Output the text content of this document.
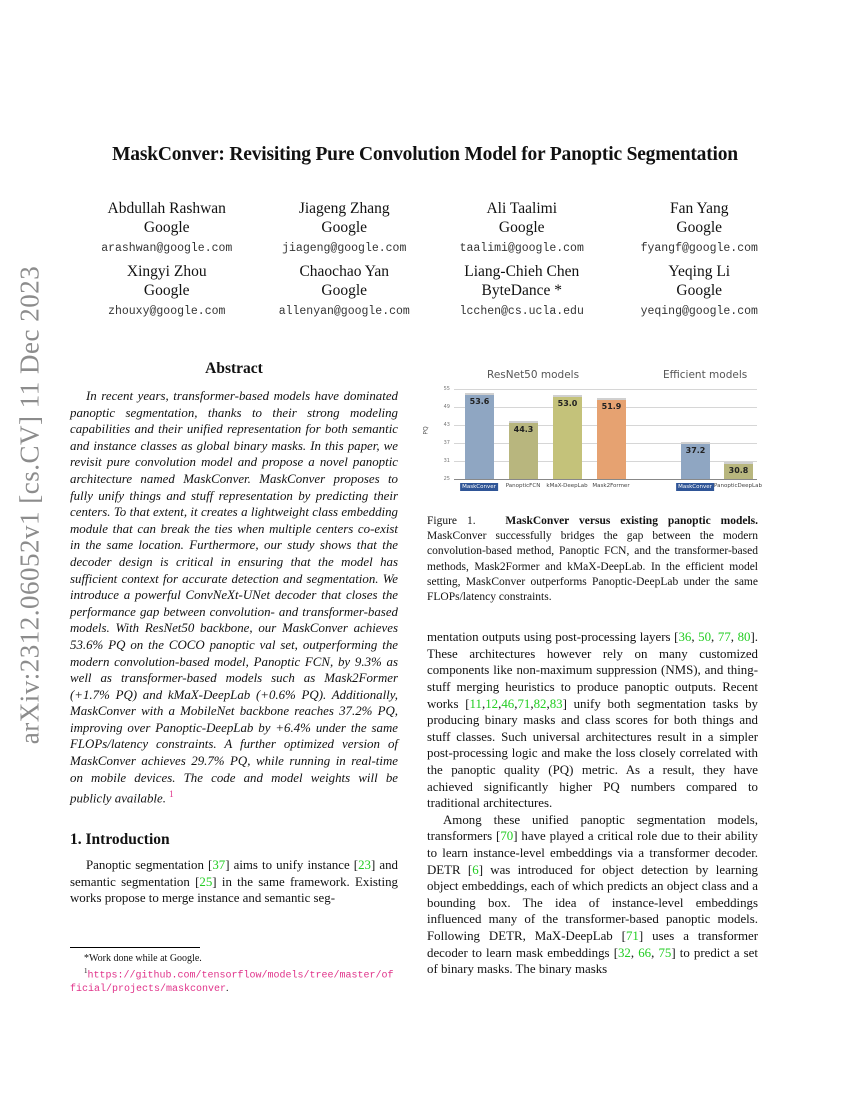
arXiv:2312.06052v1 [cs.CV] 11 Dec 2023
MaskConver: Revisiting Pure Convolution Model for Panoptic Segmentation
Abdullah Rashwan
Google
arashwan@google.com
Jiageng Zhang
Google
jiageng@google.com
Ali Taalimi
Google
taalimi@google.com
Fan Yang
Google
fyangf@google.com
Xingyi Zhou
Google
zhouxy@google.com
Chaochao Yan
Google
allenyan@google.com
Liang-Chieh Chen
ByteDance *
lcchen@cs.ucla.edu
Yeqing Li
Google
yeqing@google.com
Abstract

In recent years, transformer-based models have dominated panoptic segmentation, thanks to their strong modeling capabilities and their unified representation for both semantic and instance classes as global binary masks. In this paper, we revisit pure convolution model and propose a novel panoptic architecture named MaskConver. MaskConver proposes to fully unify things and stuff representation by predicting their centers. To that extent, it creates a lightweight class embedding module that can break the ties when multiple centers co-exist in the same location. Furthermore, our study shows that the decoder design is critical in ensuring that the model has sufficient context for accurate detection and segmentation. We introduce a powerful ConvNeXt-UNet decoder that closes the performance gap between convolution- and transformer-based models. With ResNet50 backbone, our MaskConver achieves 53.6% PQ on the COCO panoptic val set, outperforming the modern convolution-based model, Panoptic FCN, by 9.3% as well as transformer-based models such as Mask2Former (+1.7% PQ) and kMaX-DeepLab (+0.6% PQ). Additionally, MaskConver with a MobileNet backbone reaches 37.2% PQ, improving over Panoptic-DeepLab by +6.4% under the same FLOPs/latency constraints. A further optimized version of MaskConver achieves 29.7% PQ, while running in real-time on mobile devices. The code and model weights will be publicly available. $^1$

1. Introduction

Panoptic segmentation [37] aims to unify instance [23] and semantic segmentation [25] in the same framework. Existing works propose to merge instance and semantic seg-

*Work done while at Google.
$^1$https://github.com/tensorflow/models/tree/master/official/projects/maskconver.
ResNet50 models	Efficient models
PQ
25
31
37
43
49
55
53.6
MaskConver
44.3
PanopticFCN
53.0
kMaX-DeepLab
51.9
Mask2Former
37.2
MaskConver
30.8
PanopticDeepLab
Figure 1.	MaskConver versus existing panoptic models. MaskConver successfully bridges the gap between the modern convolution-based method, Panoptic FCN, and the transformer-based methods, Mask2Former and kMaX-DeepLab. In the efficient model setting, MaskConver outperforms Panoptic-DeepLab under the same FLOPs/latency constraints.

mentation outputs using post-processing layers [36, 50, 77, 80]. These architectures however rely on many customized components like non-maximum suppression (NMS), and thing-stuff merging heuristics to produce panoptic outputs. Recent works [11,12,46,71,82,83] unify both segmentation tasks by producing binary masks and class scores for both things and stuff classes. Such universal architectures result in a simpler post-processing logic and make the loss closely correlated with the panoptic quality (PQ) metric. As a result, they have achieved significantly higher PQ numbers compared to traditional architectures.

Among these unified panoptic segmentation models, transformers [70] have played a critical role due to their ability to learn instance-level embeddings via a transformer decoder. DETR [6] was introduced for object detection by learning object embeddings, each of which predicts an object class and a bounding box. The idea of instance-level embeddings influenced many of the transformer-based panoptic models. Following DETR, MaX-DeepLab [71] uses a transformer decoder to learn mask embeddings [32, 66, 75] to predict a set of binary masks. The binary masks
